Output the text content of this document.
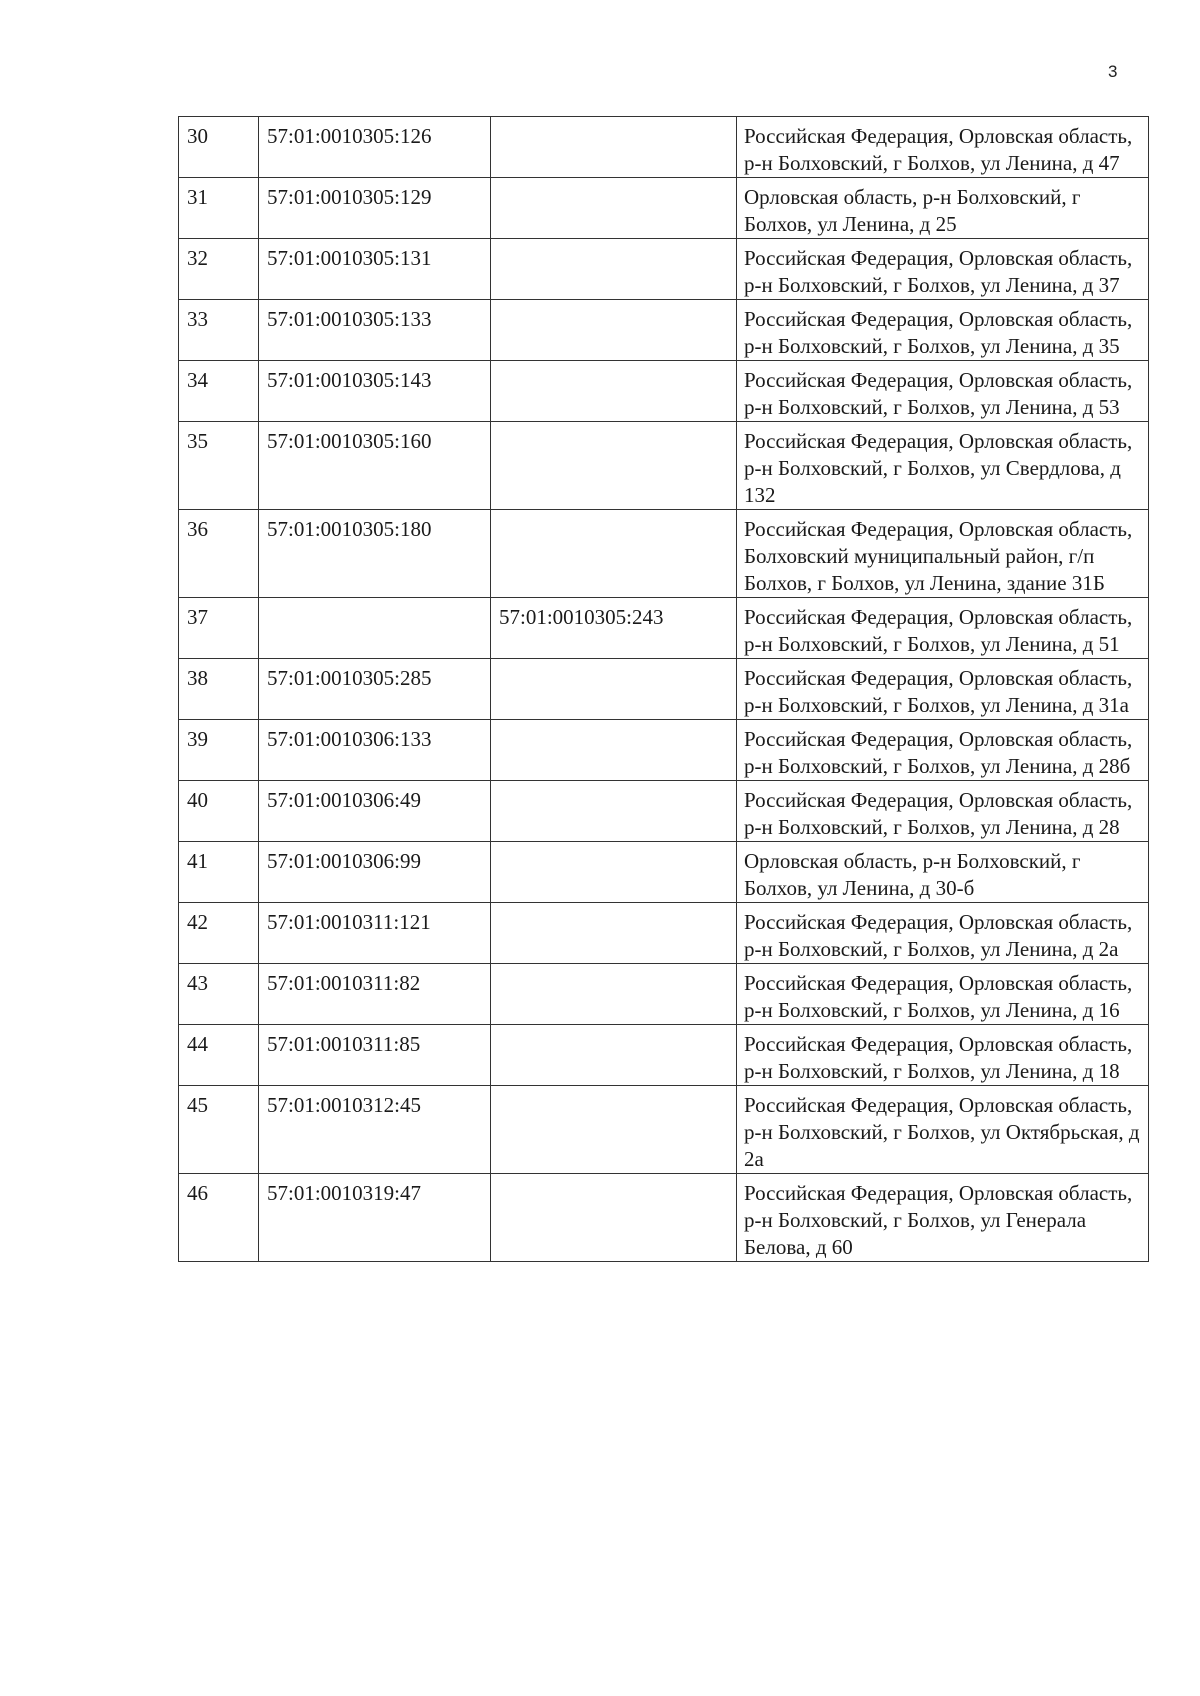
3
30	57:01:0010305:126		Российская Федерация, Орловская область, р-н Болховский, г Болхов, ул Ленина, д 47
31	57:01:0010305:129		Орловская область, р-н Болховский, г Болхов, ул Ленина, д 25
32	57:01:0010305:131		Российская Федерация, Орловская область, р-н Болховский, г Болхов, ул Ленина, д 37
33	57:01:0010305:133		Российская Федерация, Орловская область, р-н Болховский, г Болхов, ул Ленина, д 35
34	57:01:0010305:143		Российская Федерация, Орловская область, р-н Болховский, г Болхов, ул Ленина, д 53
35	57:01:0010305:160		Российская Федерация, Орловская область, р-н Болховский, г Болхов, ул Свердлова, д 132
36	57:01:0010305:180		Российская Федерация, Орловская область, Болховский муниципальный район, г/п Болхов, г Болхов, ул Ленина, здание 31Б
37		57:01:0010305:243	Российская Федерация, Орловская область, р-н Болховский, г Болхов, ул Ленина, д 51
38	57:01:0010305:285		Российская Федерация, Орловская область, р-н Болховский, г Болхов, ул Ленина, д 31а
39	57:01:0010306:133		Российская Федерация, Орловская область, р-н Болховский, г Болхов, ул Ленина, д 28б
40	57:01:0010306:49		Российская Федерация, Орловская область, р-н Болховский, г Болхов, ул Ленина, д 28
41	57:01:0010306:99		Орловская область, р-н Болховский, г Болхов, ул Ленина, д 30-б
42	57:01:0010311:121		Российская Федерация, Орловская область, р-н Болховский, г Болхов, ул Ленина, д 2а
43	57:01:0010311:82		Российская Федерация, Орловская область, р-н Болховский, г Болхов, ул Ленина, д 16
44	57:01:0010311:85		Российская Федерация, Орловская область, р-н Болховский, г Болхов, ул Ленина, д 18
45	57:01:0010312:45		Российская Федерация, Орловская область, р-н Болховский, г Болхов, ул Октябрьская, д 2а
46	57:01:0010319:47		Российская Федерация, Орловская область, р-н Болховский, г Болхов, ул Генерала Белова, д 60
